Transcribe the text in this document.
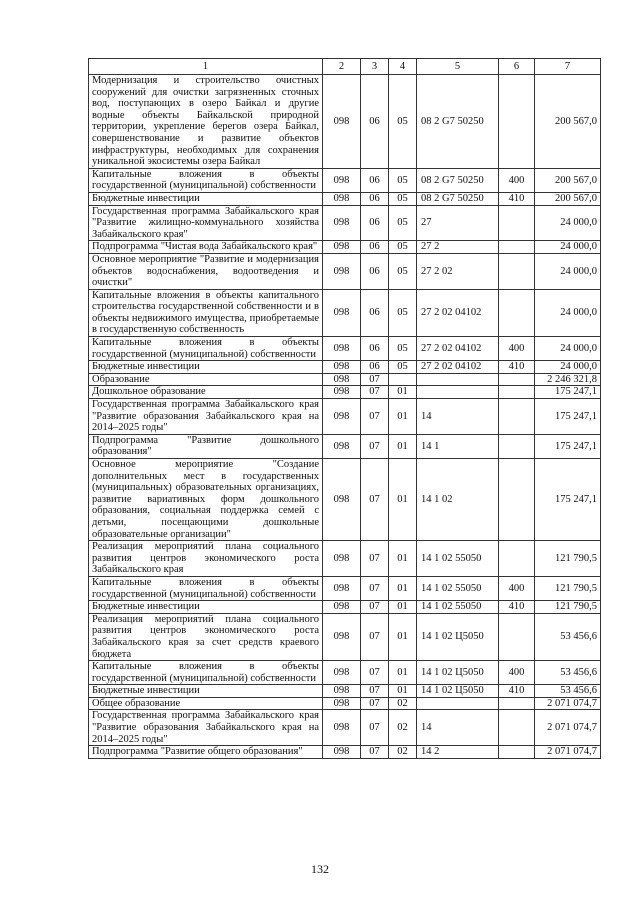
1	2	3	4	5	6	7
Модернизация и строительство очистных сооружений для очистки загрязненных сточных вод, поступающих в озеро Байкал и другие водные объекты Байкальской природной территории, укрепление берегов озера Байкал, совершенствование и развитие объектов инфраструктуры, необходимых для сохранения уникальной экосистемы озера Байкал	098	06	05	08 2 G7 50250		200 567,0
Капитальные вложения в объекты государственной (муниципальной) собственности	098	06	05	08 2 G7 50250	400	200 567,0
Бюджетные инвестиции	098	06	05	08 2 G7 50250	410	200 567,0
Государственная программа Забайкальского края "Развитие жилищно-коммунального хозяйства Забайкальского края"	098	06	05	27		24 000,0
Подпрограмма "Чистая вода Забайкальского края"	098	06	05	27 2		24 000,0
Основное мероприятие "Развитие и модернизация объектов водоснабжения, водоотведения и очистки"	098	06	05	27 2 02		24 000,0
Капитальные вложения в объекты капитального строительства государственной собственности и в объекты недвижимого имущества, приобретаемые в государственную собственность	098	06	05	27 2 02 04102		24 000,0
Капитальные вложения в объекты государственной (муниципальной) собственности	098	06	05	27 2 02 04102	400	24 000,0
Бюджетные инвестиции	098	06	05	27 2 02 04102	410	24 000,0
Образование	098	07				2 246 321,8
Дошкольное образование	098	07	01			175 247,1
Государственная программа Забайкальского края "Развитие образования Забайкальского края на 2014–2025 годы"	098	07	01	14		175 247,1
Подпрограмма "Развитие дошкольного образования"	098	07	01	14 1		175 247,1
Основное мероприятие "Создание дополнительных мест в государственных (муниципальных) образовательных организациях, развитие вариативных форм дошкольного образования, социальная поддержка семей с детьми, посещающими дошкольные образовательные организации"	098	07	01	14 1 02		175 247,1
Реализация мероприятий плана социального развития центров экономического роста Забайкальского края	098	07	01	14 1 02 55050		121 790,5
Капитальные вложения в объекты государственной (муниципальной) собственности	098	07	01	14 1 02 55050	400	121 790,5
Бюджетные инвестиции	098	07	01	14 1 02 55050	410	121 790,5
Реализация мероприятий плана социального развития центров экономического роста Забайкальского края за счет средств краевого бюджета	098	07	01	14 1 02 Ц5050		53 456,6
Капитальные вложения в объекты государственной (муниципальной) собственности	098	07	01	14 1 02 Ц5050	400	53 456,6
Бюджетные инвестиции	098	07	01	14 1 02 Ц5050	410	53 456,6
Общее образование	098	07	02			2 071 074,7
Государственная программа Забайкальского края "Развитие образования Забайкальского края на 2014–2025 годы"	098	07	02	14		2 071 074,7
Подпрограмма "Развитие общего образования"	098	07	02	14 2		2 071 074,7
132
